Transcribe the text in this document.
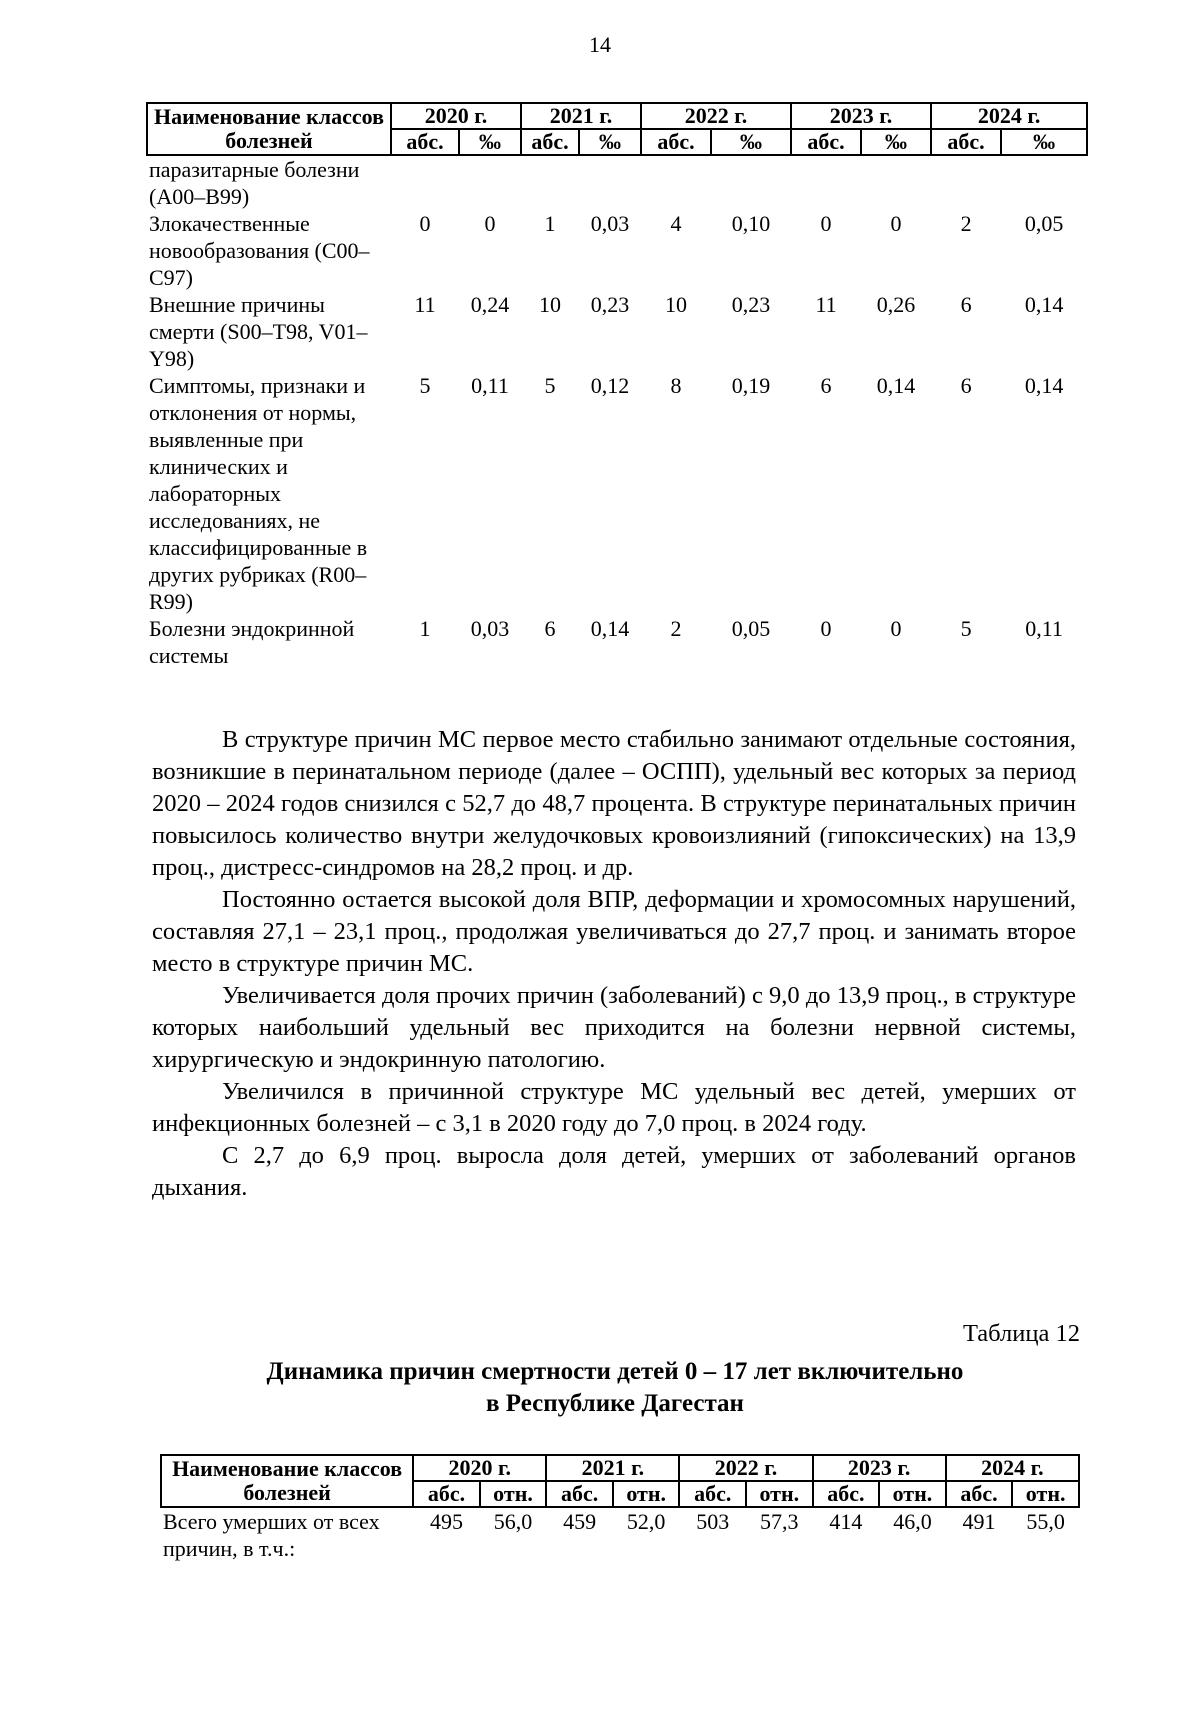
14
Наименование классов болезней	2020 г.		2021 г.		2022 г.		2023 г.		2024 г.	
	абс.	‰	абс.	‰	абс.	‰	абс.	‰	абс.	‰
паразитарные болезни (A00–B99)										
Злокачественные новообразования (C00–C97)	0	0	1	0,03	4	0,10	0	0	2	0,05
Внешние причины смерти (S00–T98, V01–Y98)	11	0,24	10	0,23	10	0,23	11	0,26	6	0,14
Симптомы, признаки и отклонения от нормы, выявленные при клинических и лабораторных исследованиях, не классифицированные в других рубриках (R00–R99)	5	0,11	5	0,12	8	0,19	6	0,14	6	0,14
Болезни эндокринной системы	1	0,03	6	0,14	2	0,05	0	0	5	0,11

В структуре причин МС первое место стабильно занимают отдельные состояния, возникшие в перинатальном периоде (далее – ОСПП), удельный вес которых за период 2020 – 2024 годов снизился с 52,7 до 48,7 процента. В структуре перинатальных причин повысилось количество внутри желудочковых кровоизлияний (гипоксических) на 13,9 проц., дистресс-синдромов на 28,2 проц. и др.

Постоянно остается высокой доля ВПР, деформации и хромосомных нарушений, составляя 27,1 – 23,1 проц., продолжая увеличиваться до 27,7 проц. и занимать второе место в структуре причин МС.

Увеличивается доля прочих причин (заболеваний) с 9,0 до 13,9 проц., в структуре которых наибольший удельный вес приходится на болезни нервной системы, хирургическую и эндокринную патологию.

Увеличился в причинной структуре МС удельный вес детей, умерших от инфекционных болезней – с 3,1 в 2020 году до 7,0 проц. в 2024 году.

С 2,7 до 6,9 проц. выросла доля детей, умерших от заболеваний органов дыхания.

Таблица 12
Динамика причин смертности детей 0 – 17 лет включительно
в Республике Дагестан
Наименование классов болезней	2020 г.		2021 г.		2022 г.		2023 г.		2024 г.	
	абс.	отн.	абс.	отн.	абс.	отн.	абс.	отн.	абс.	отн.
Всего умерших от всех причин, в т.ч.:	495	56,0	459	52,0	503	57,3	414	46,0	491	55,0
